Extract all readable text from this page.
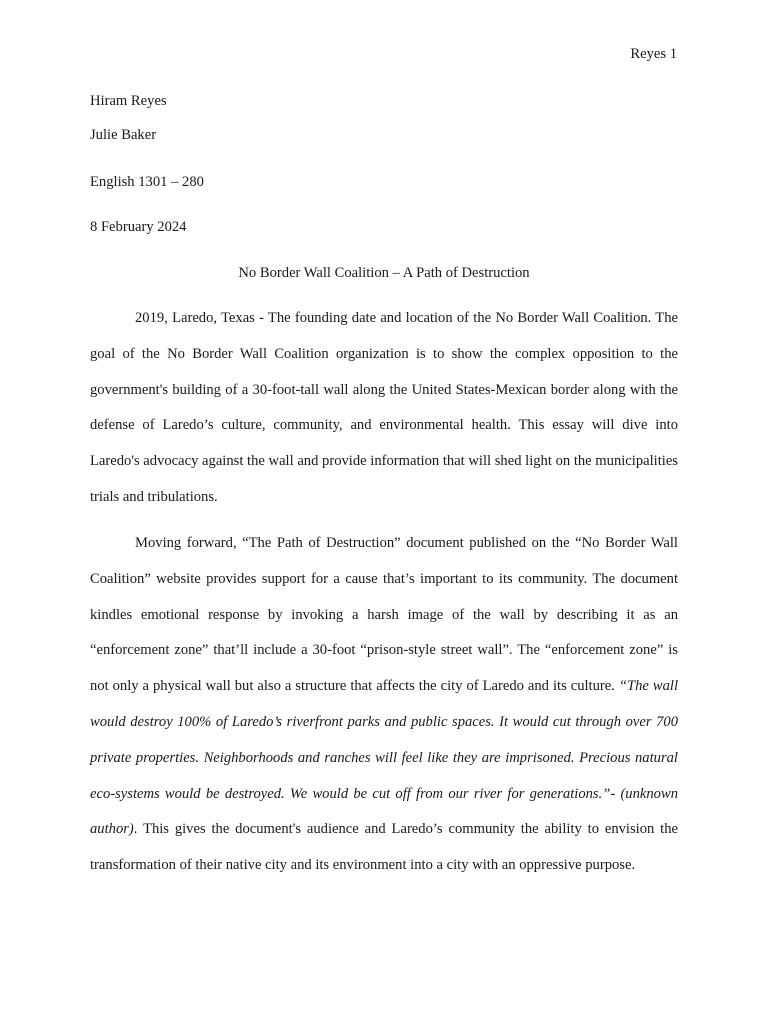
Reyes 1
Hiram Reyes
Julie Baker
English 1301 – 280
8 February 2024
No Border Wall Coalition – A Path of Destruction

2019, Laredo, Texas - The founding date and location of the No Border Wall Coalition. The goal of the No Border Wall Coalition organization is to show the complex opposition to the government's building of a 30-foot-tall wall along the United States-Mexican border along with the defense of Laredo’s culture, community, and environmental health. This essay will dive into Laredo's advocacy against the wall and provide information that will shed light on the municipalities trials and tribulations.

Moving forward, “The Path of Destruction” document published on the “No Border Wall Coalition” website provides support for a cause that’s important to its community. The document kindles emotional response by invoking a harsh image of the wall by describing it as an “enforcement zone” that’ll include a 30-foot “prison-style street wall”. The “enforcement zone” is not only a physical wall but also a structure that affects the city of Laredo and its culture. “The wall would destroy 100% of Laredo’s riverfront parks and public spaces. It would cut through over 700 private properties. Neighborhoods and ranches will feel like they are imprisoned. Precious natural eco-systems would be destroyed. We would be cut off from our river for generations.”- (unknown author). This gives the document's audience and Laredo’s community the ability to envision the transformation of their native city and its environment into a city with an oppressive purpose.
